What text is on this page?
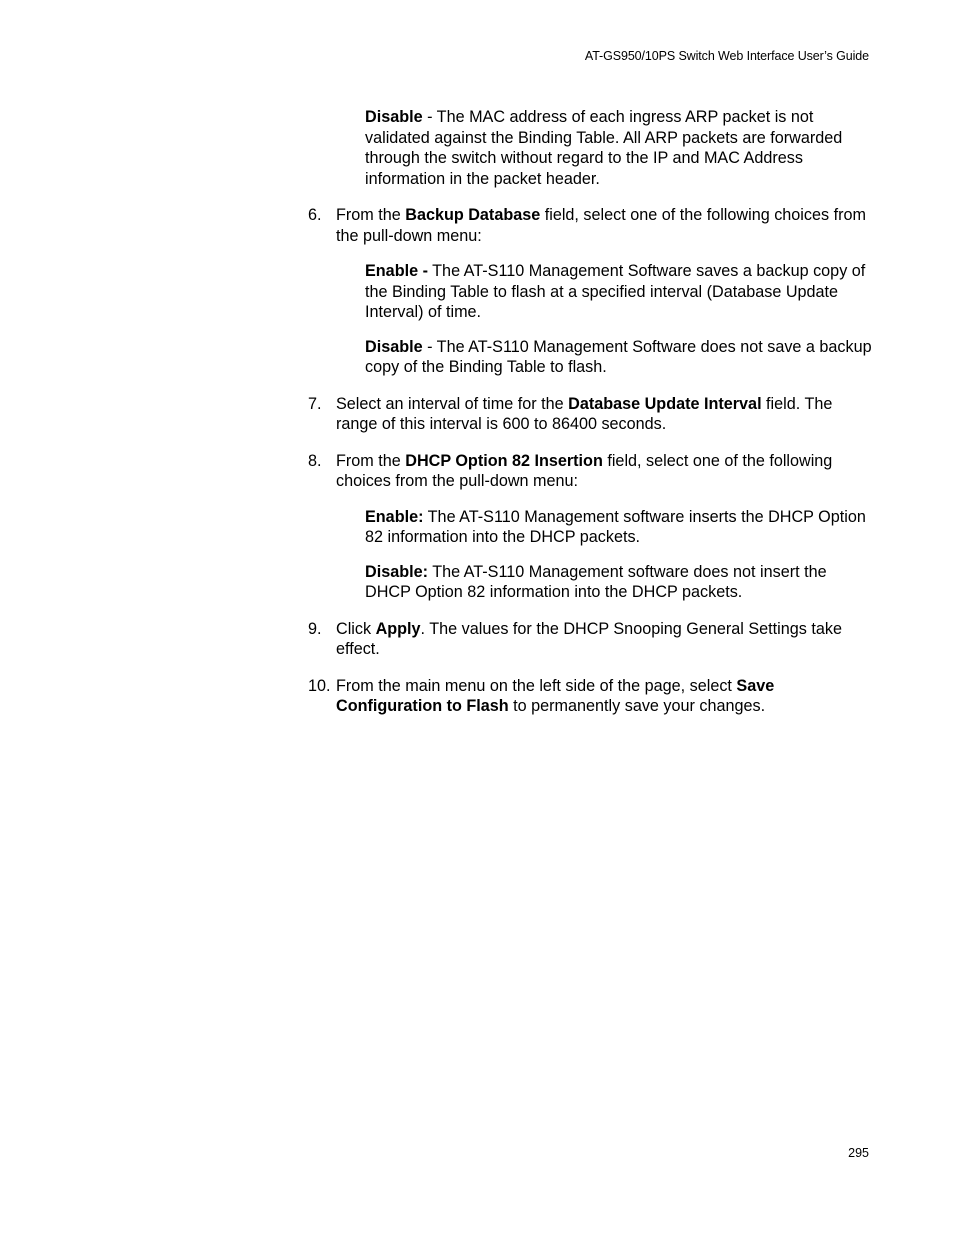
AT-GS950/10PS Switch Web Interface User’s Guide
Disable - The MAC address of each ingress ARP packet is not validated against the Binding Table. All ARP packets are forwarded through the switch without regard to the IP and MAC Address information in the packet header.
6. From the Backup Database field, select one of the following choices from the pull-down menu:
Enable - The AT-S110 Management Software saves a backup copy of the Binding Table to flash at a specified interval (Database Update Interval) of time.
Disable - The AT-S110 Management Software does not save a backup copy of the Binding Table to flash.
7. Select an interval of time for the Database Update Interval field. The range of this interval is 600 to 86400 seconds.
8. From the DHCP Option 82 Insertion field, select one of the following choices from the pull-down menu:
Enable: The AT-S110 Management software inserts the DHCP Option 82 information into the DHCP packets.
Disable: The AT-S110 Management software does not insert the DHCP Option 82 information into the DHCP packets.
9. Click Apply. The values for the DHCP Snooping General Settings take effect.
10. From the main menu on the left side of the page, select Save Configuration to Flash to permanently save your changes.
295
